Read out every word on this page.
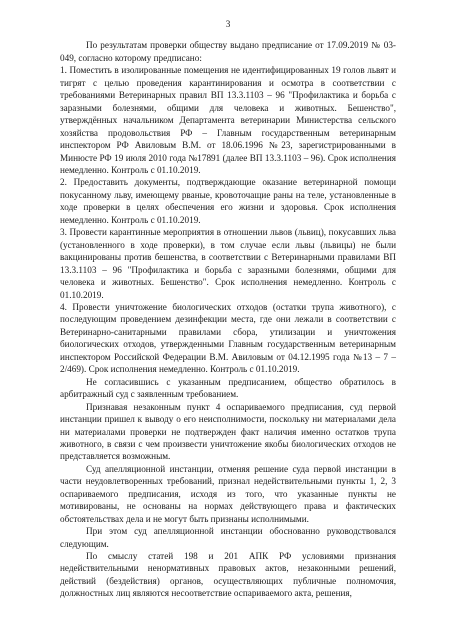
3

По результатам проверки обществу выдано предписание от 17.09.2019 № 03-049, согласно которому предписано:

1. Поместить в изолированные помещения не идентифицированных 19 голов львят и тигрят с целью проведения карантинирования и осмотра в соответствии с требованиями Ветеринарных правил ВП 13.3.1103 – 96 "Профилактика и борьба с заразными болезнями, общими для человека и животных. Бешенство", утверждённых начальником Департамента ветеринарии Министерства сельского хозяйства продовольствия РФ – Главным государственным ветеринарным инспектором РФ Авиловым В.М. от 18.06.1996 №23, зарегистрированными в Минюсте РФ 19 июля 2010 года №17891 (далее ВП 13.3.1103 – 96). Срок исполнения немедленно. Контроль с 01.10.2019.

2. Предоставить документы, подтверждающие оказание ветеринарной помощи покусанному льву, имеющему рваные, кровоточащие раны на теле, установленные в ходе проверки в целях обеспечения его жизни и здоровья. Срок исполнения немедленно. Контроль с 01.10.2019.

3. Провести карантинные мероприятия в отношении львов (львиц), покусавших льва (установленного в ходе проверки), в том случае если львы (львицы) не были вакцинированы против бешенства, в соответствии с Ветеринарными правилами ВП 13.3.1103 – 96 "Профилактика и борьба с заразными болезнями, общими для человека и животных. Бешенство". Срок исполнения немедленно. Контроль с 01.10.2019.

4. Провести уничтожение биологических отходов (остатки трупа животного), с последующим проведением дезинфекции места, где они лежали в соответствии с Ветеринарно-санитарными правилами сбора, утилизации и уничтожения биологических отходов, утвержденными Главным государственным ветеринарным инспектором Российской Федерации В.М. Авиловым от 04.12.1995 года №13 – 7 – 2/469). Срок исполнения немедленно. Контроль с 01.10.2019.

Не согласившись с указанным предписанием, общество обратилось в арбитражный суд с заявленным требованием.

Признавая незаконным пункт 4 оспариваемого предписания, суд первой инстанции пришел к выводу о его неисполнимости, поскольку ни материалами дела ни материалами проверки не подтвержден факт наличия именно остатков трупа животного, в связи с чем произвести уничтожение якобы биологических отходов не представляется возможным.

Суд апелляционной инстанции, отменяя решение суда первой инстанции в части неудовлетворенных требований, признал недействительными пункты 1, 2, 3 оспариваемого предписания, исходя из того, что указанные пункты не мотивированы, не основаны на нормах действующего права и фактических обстоятельствах дела и не могут быть признаны исполнимыми.

При этом суд апелляционной инстанции обоснованно руководствовался следующим.

По смыслу статей 198 и 201 АПК РФ условиями признания недействительными ненормативных правовых актов, незаконными решений, действий (бездействия) органов, осуществляющих публичные полномочия, должностных лиц являются несоответствие оспариваемого акта, решения,
